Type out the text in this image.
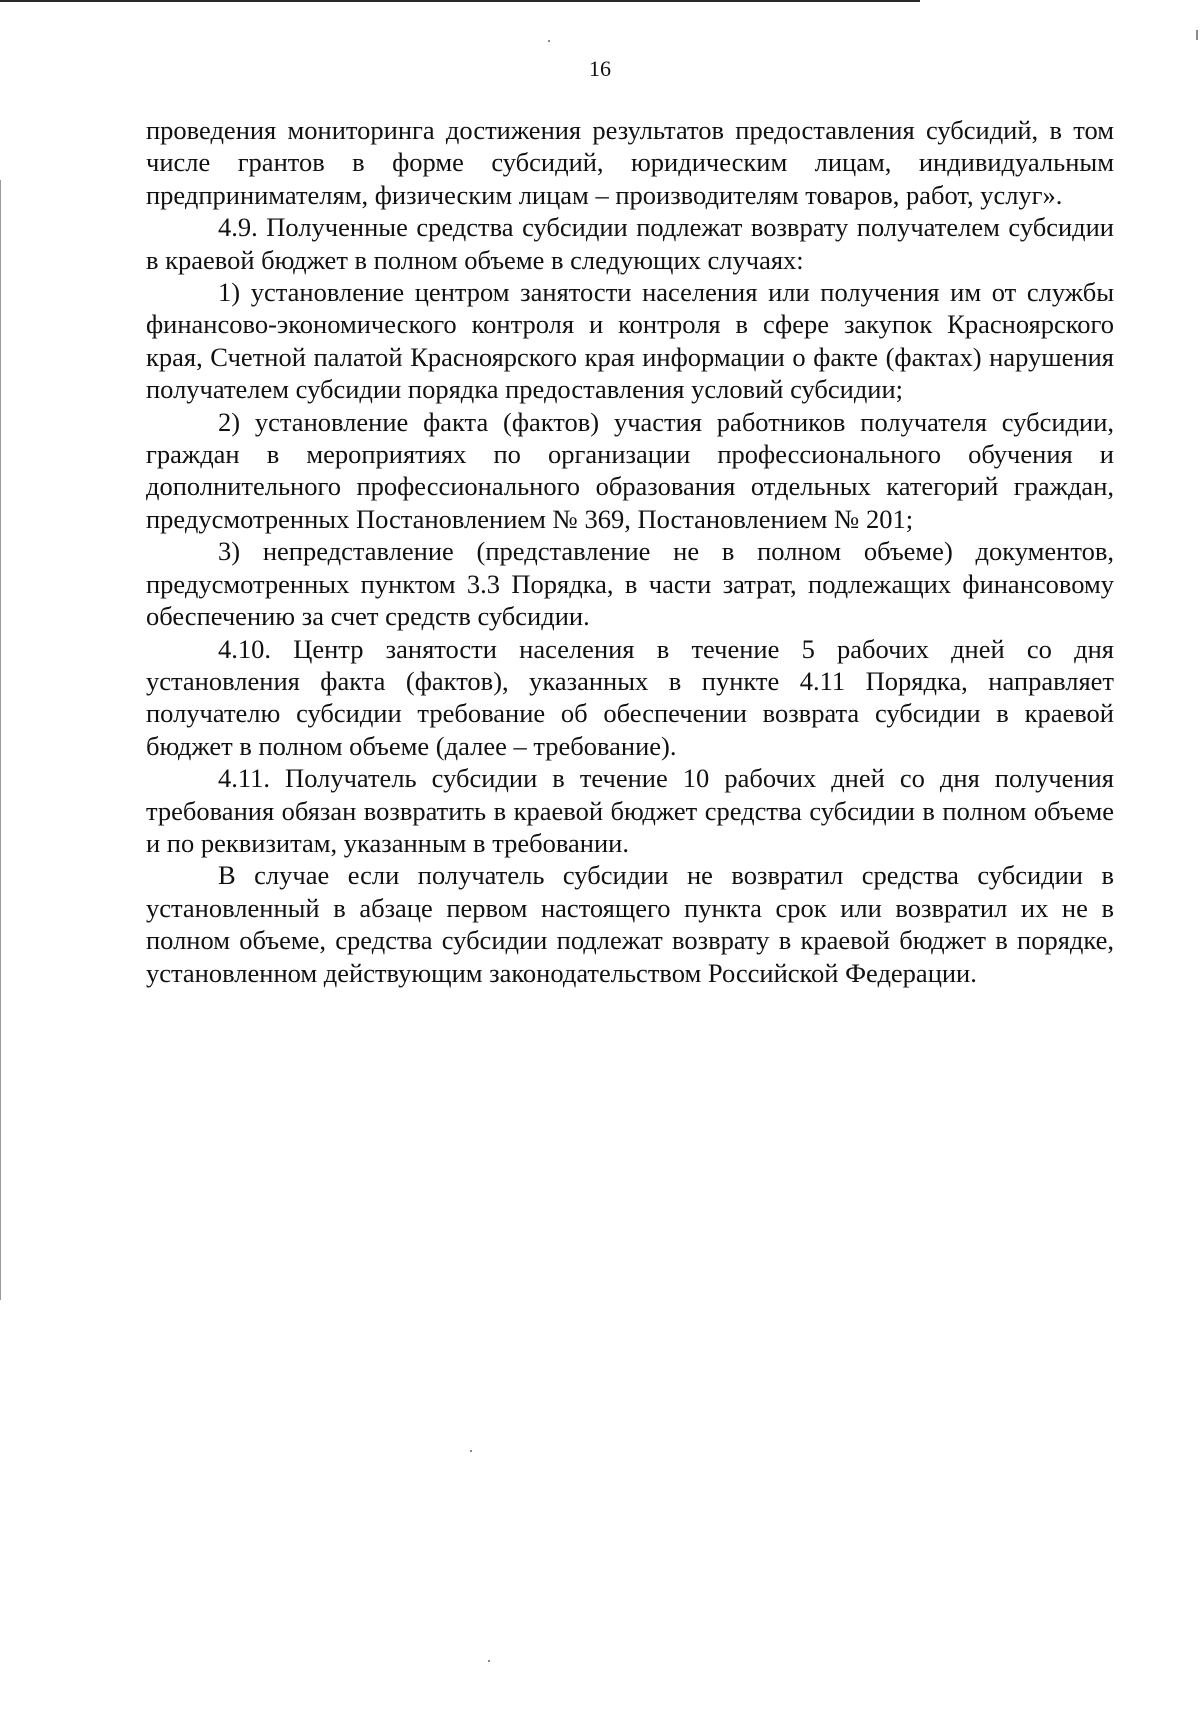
16

проведения мониторинга достижения результатов предоставления субсидий, в том числе грантов в форме субсидий, юридическим лицам, индивидуальным предпринимателям, физическим лицам – производителям товаров, работ, услуг».

4.9. Полученные средства субсидии подлежат возврату получателем субсидии в краевой бюджет в полном объеме в следующих случаях:

1) установление центром занятости населения или получения им от службы финансово-экономического контроля и контроля в сфере закупок Красноярского края, Счетной палатой Красноярского края информации о факте (фактах) нарушения получателем субсидии порядка предоставления условий субсидии;

2) установление факта (фактов) участия работников получателя субсидии, граждан в мероприятиях по организации профессионального обучения и дополнительного профессионального образования отдельных категорий граждан, предусмотренных Постановлением № 369, Постановлением № 201;

3) непредставление (представление не в полном объеме) документов, предусмотренных пунктом 3.3 Порядка, в части затрат, подлежащих финансовому обеспечению за счет средств субсидии.

4.10. Центр занятости населения в течение 5 рабочих дней со дня установления факта (фактов), указанных в пункте 4.11 Порядка, направляет получателю субсидии требование об обеспечении возврата субсидии в краевой бюджет в полном объеме (далее – требование).

4.11. Получатель субсидии в течение 10 рабочих дней со дня получения требования обязан возвратить в краевой бюджет средства субсидии в полном объеме и по реквизитам, указанным в требовании.

В случае если получатель субсидии не возвратил средства субсидии в установленный в абзаце первом настоящего пункта срок или возвратил их не в полном объеме, средства субсидии подлежат возврату в краевой бюджет в порядке, установленном действующим законодательством Российской Федерации.
